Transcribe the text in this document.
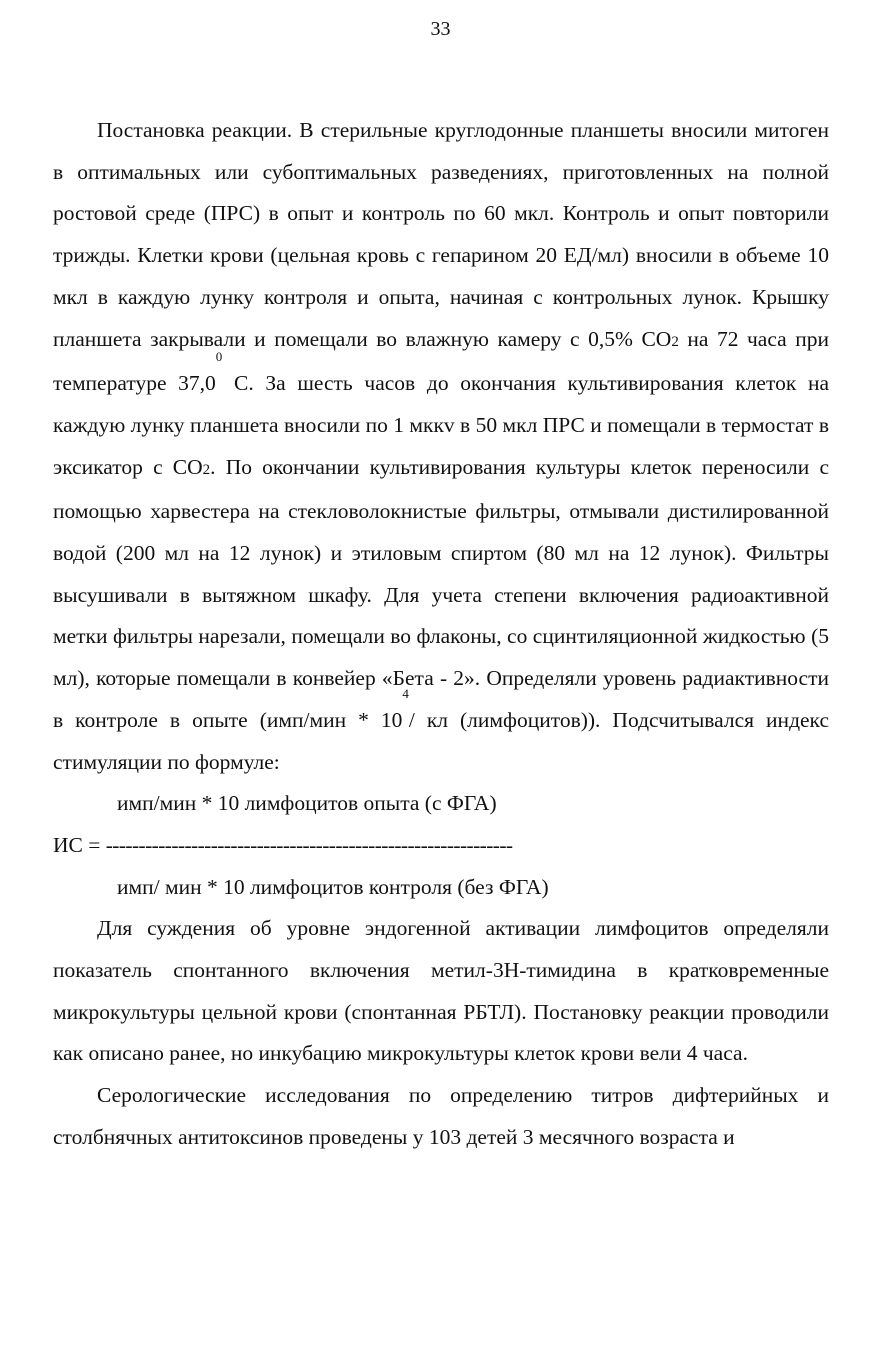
33

Постановка реакции. В стерильные круглодонные планшеты вносили митоген в оптимальных или субоптимальных разведениях, приготовленных на полной ростовой среде (ПРС) в опыт и контроль по 60 мкл. Контроль и опыт повторили трижды. Клетки крови (цельная кровь с гепарином 20 ЕД/мл) вносили в объеме 10 мкл в каждую лунку контроля и опыта, начиная с контрольных лунок. Крышку планшета закрывали и помещали во влажную камеру с 0,5% СО2 на 72 часа при температуре 37,0$^0$ С. За шесть часов до окончания культивирования клеток на каждую лунку планшета вносили по 1 мккv в 50 мкл ПРС и помещали в термостат в эксикатор с СО2. По окончании культивирования культуры клеток переносили с помощью харвестера на стекловолокнистые фильтры, отмывали дистилированной водой (200 мл на 12 лунок) и этиловым спиртом (80 мл на 12 лунок). Фильтры высушивали в вытяжном шкафу. Для учета степени включения радиоактивной метки фильтры нарезали, помещали во флаконы, со сцинтиляционной жидкостью (5 мл), которые помещали в конвейер «Бета - 2». Определяли уровень радиактивности в контроле в опыте ($имп/мин * 10^4/$ кл (лимфоцитов)). Подсчитывался индекс стимуляции по формуле:

имп/мин * 10 лимфоцитов опыта (с ФГА)

ИС = --------------------------------------------------------------

имп/ мин * 10 лимфоцитов контроля (без ФГА)

Для суждения об уровне эндогенной активации лимфоцитов определяли показатель спонтанного включения метил-3Н-тимидина в кратковременные микрокультуры цельной крови (спонтанная РБТЛ). Постановку реакции проводили как описано ранее, но инкубацию микрокультуры клеток крови вели 4 часа.

Серологические исследования по определению титров дифтерийных и столбнячных антитоксинов проведены у 103 детей 3 месячного возраста и
